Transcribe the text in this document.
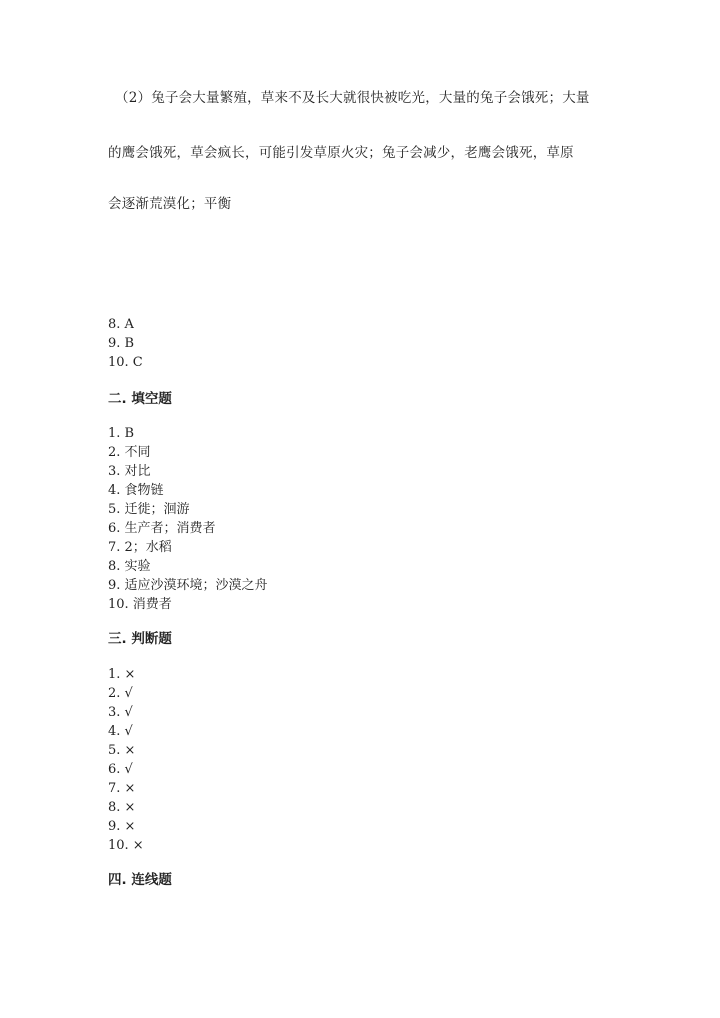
（2）兔子会大量繁殖，草来不及长大就很快被吃光，大量的兔子会饿死；大量
的鹰会饿死，草会疯长，可能引发草原火灾；兔子会减少，老鹰会饿死，草原
会逐渐荒漠化；平衡
8. A
9. B
10. C
二. 填空题
1. B
2. 不同
3. 对比
4. 食物链
5. 迁徙；洄游
6. 生产者；消费者
7. 2；水稻
8. 实验
9. 适应沙漠环境；沙漠之舟
10. 消费者
三. 判断题
1. ×
2. √
3. √
4. √
5. ×
6. √
7. ×
8. ×
9. ×
10. ×
四. 连线题
